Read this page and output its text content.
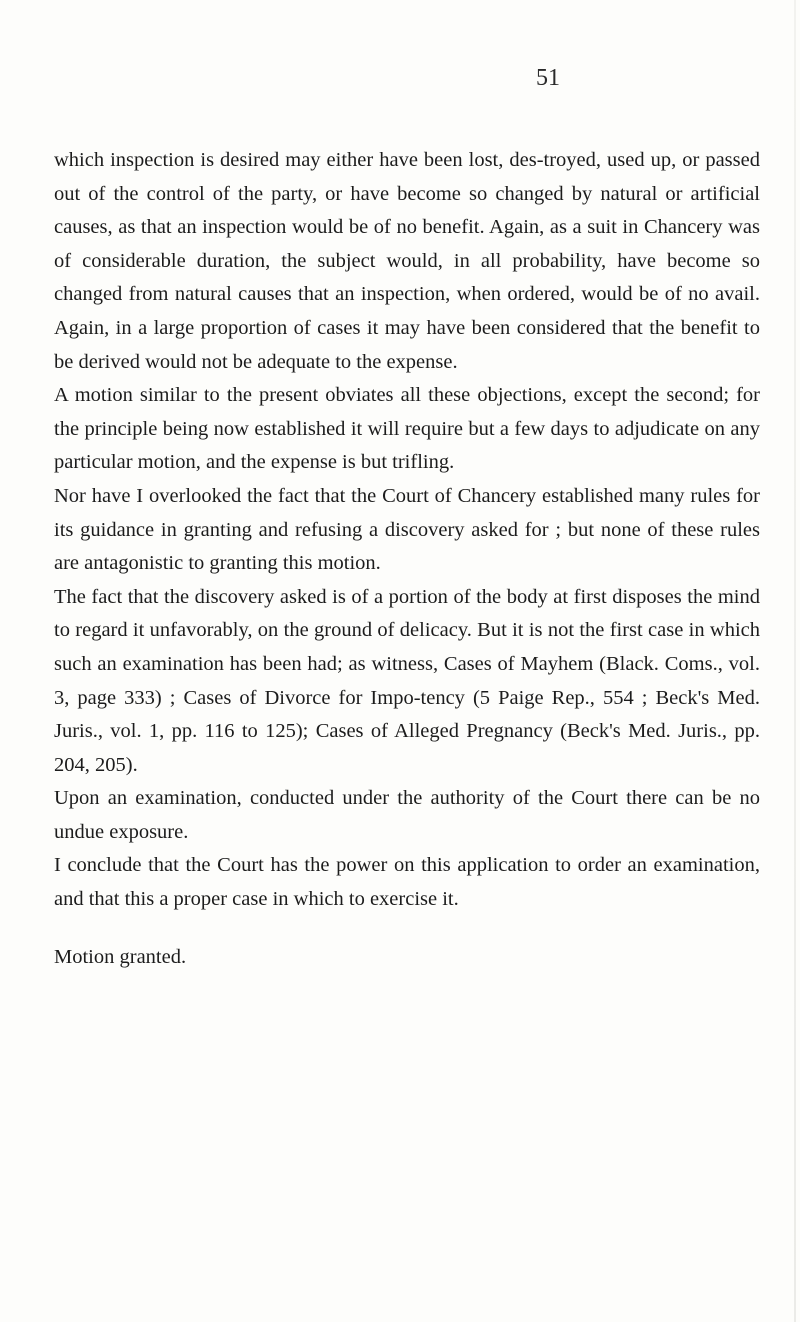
51

which inspection is desired may either have been lost, des-troyed, used up, or passed out of the control of the party, or have become so changed by natural or artificial causes, as that an inspection would be of no benefit. Again, as a suit in Chancery was of considerable duration, the subject would, in all probability, have become so changed from natural causes that an inspection, when ordered, would be of no avail. Again, in a large proportion of cases it may have been considered that the benefit to be derived would not be adequate to the expense.

A motion similar to the present obviates all these objections, except the second; for the principle being now established it will require but a few days to adjudicate on any particular motion, and the expense is but trifling.

Nor have I overlooked the fact that the Court of Chancery established many rules for its guidance in granting and refusing a discovery asked for ; but none of these rules are antagonistic to granting this motion.

The fact that the discovery asked is of a portion of the body at first disposes the mind to regard it unfavorably, on the ground of delicacy. But it is not the first case in which such an examination has been had; as witness, Cases of Mayhem (Black. Coms., vol. 3, page 333) ; Cases of Divorce for Impo-tency (5 Paige Rep., 554 ; Beck's Med. Juris., vol. 1, pp. 116 to 125); Cases of Alleged Pregnancy (Beck's Med. Juris., pp. 204, 205).

Upon an examination, conducted under the authority of the Court there can be no undue exposure.

I conclude that the Court has the power on this application to order an examination, and that this a proper case in which to exercise it.

Motion granted.
